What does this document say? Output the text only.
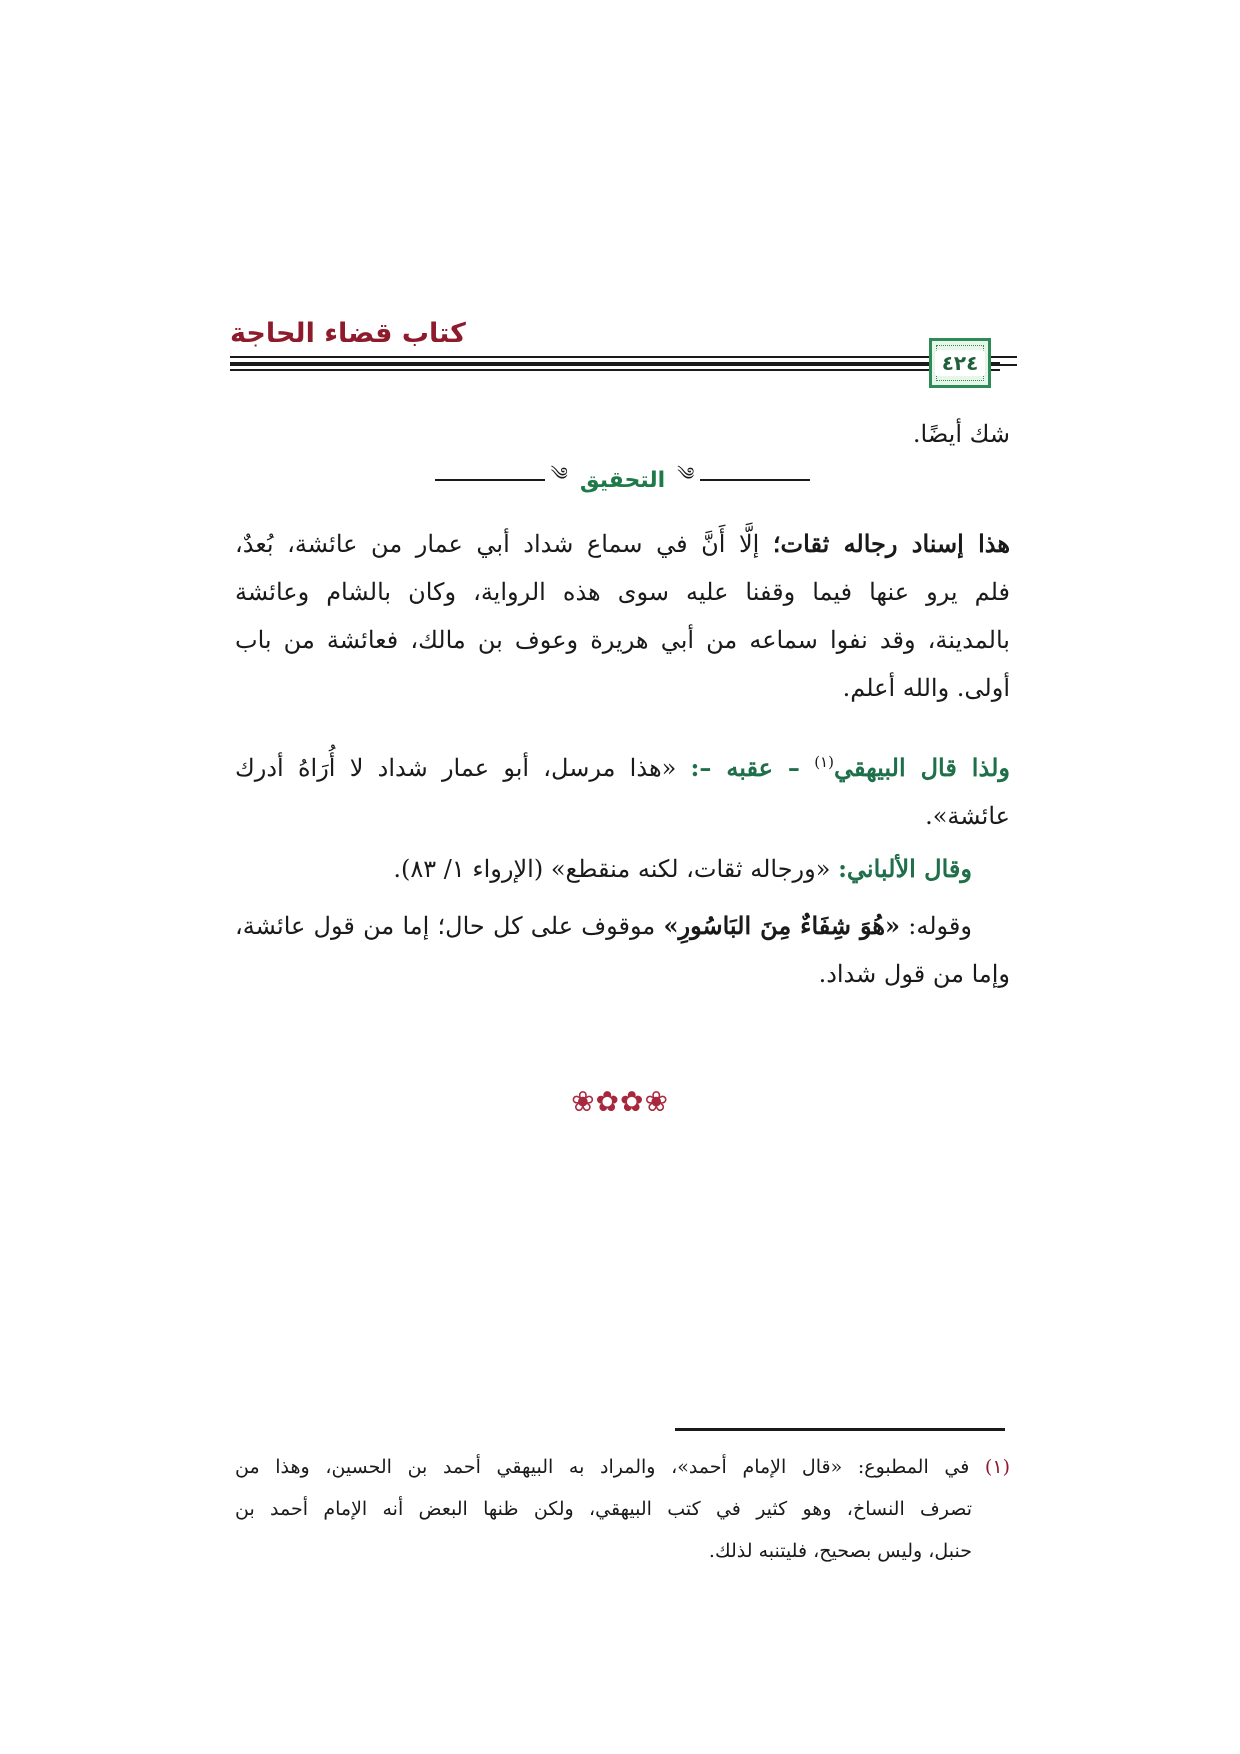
كتاب قضاء الحاجة
٤٢٤
شك أيضًا.
༄
التحقيق
༄
هذا إسناد رجاله ثقات؛ إلَّا أَنَّ في سماع شداد أبي عمار من عائشة، بُعدٌ،
فلم يرو عنها فيما وقفنا عليه سوى هذه الرواية، وكان بالشام وعائشة
بالمدينة، وقد نفوا سماعه من أبي هريرة وعوف بن مالك، فعائشة من باب
أولى. والله أعلم.
ولذا قال البيهقي$^{(١)}$ – عقبه –: «هذا مرسل، أبو عمار شداد لا أُرَاهُ أدرك
عائشة».
وقال الألباني: «ورجاله ثقات، لكنه منقطع» (الإرواء ١/ ٨٣).
وقوله: «هُوَ شِفَاءٌ مِنَ البَاسُورِ» موقوف على كل حال؛ إما من قول عائشة،
وإما من قول شداد.
❀✿✿❀
(١) في المطبوع: «قال الإمام أحمد»، والمراد به البيهقي أحمد بن الحسين، وهذا من
تصرف النساخ، وهو كثير في كتب البيهقي، ولكن ظنها البعض أنه الإمام أحمد بن
حنبل، وليس بصحيح، فليتنبه لذلك.
